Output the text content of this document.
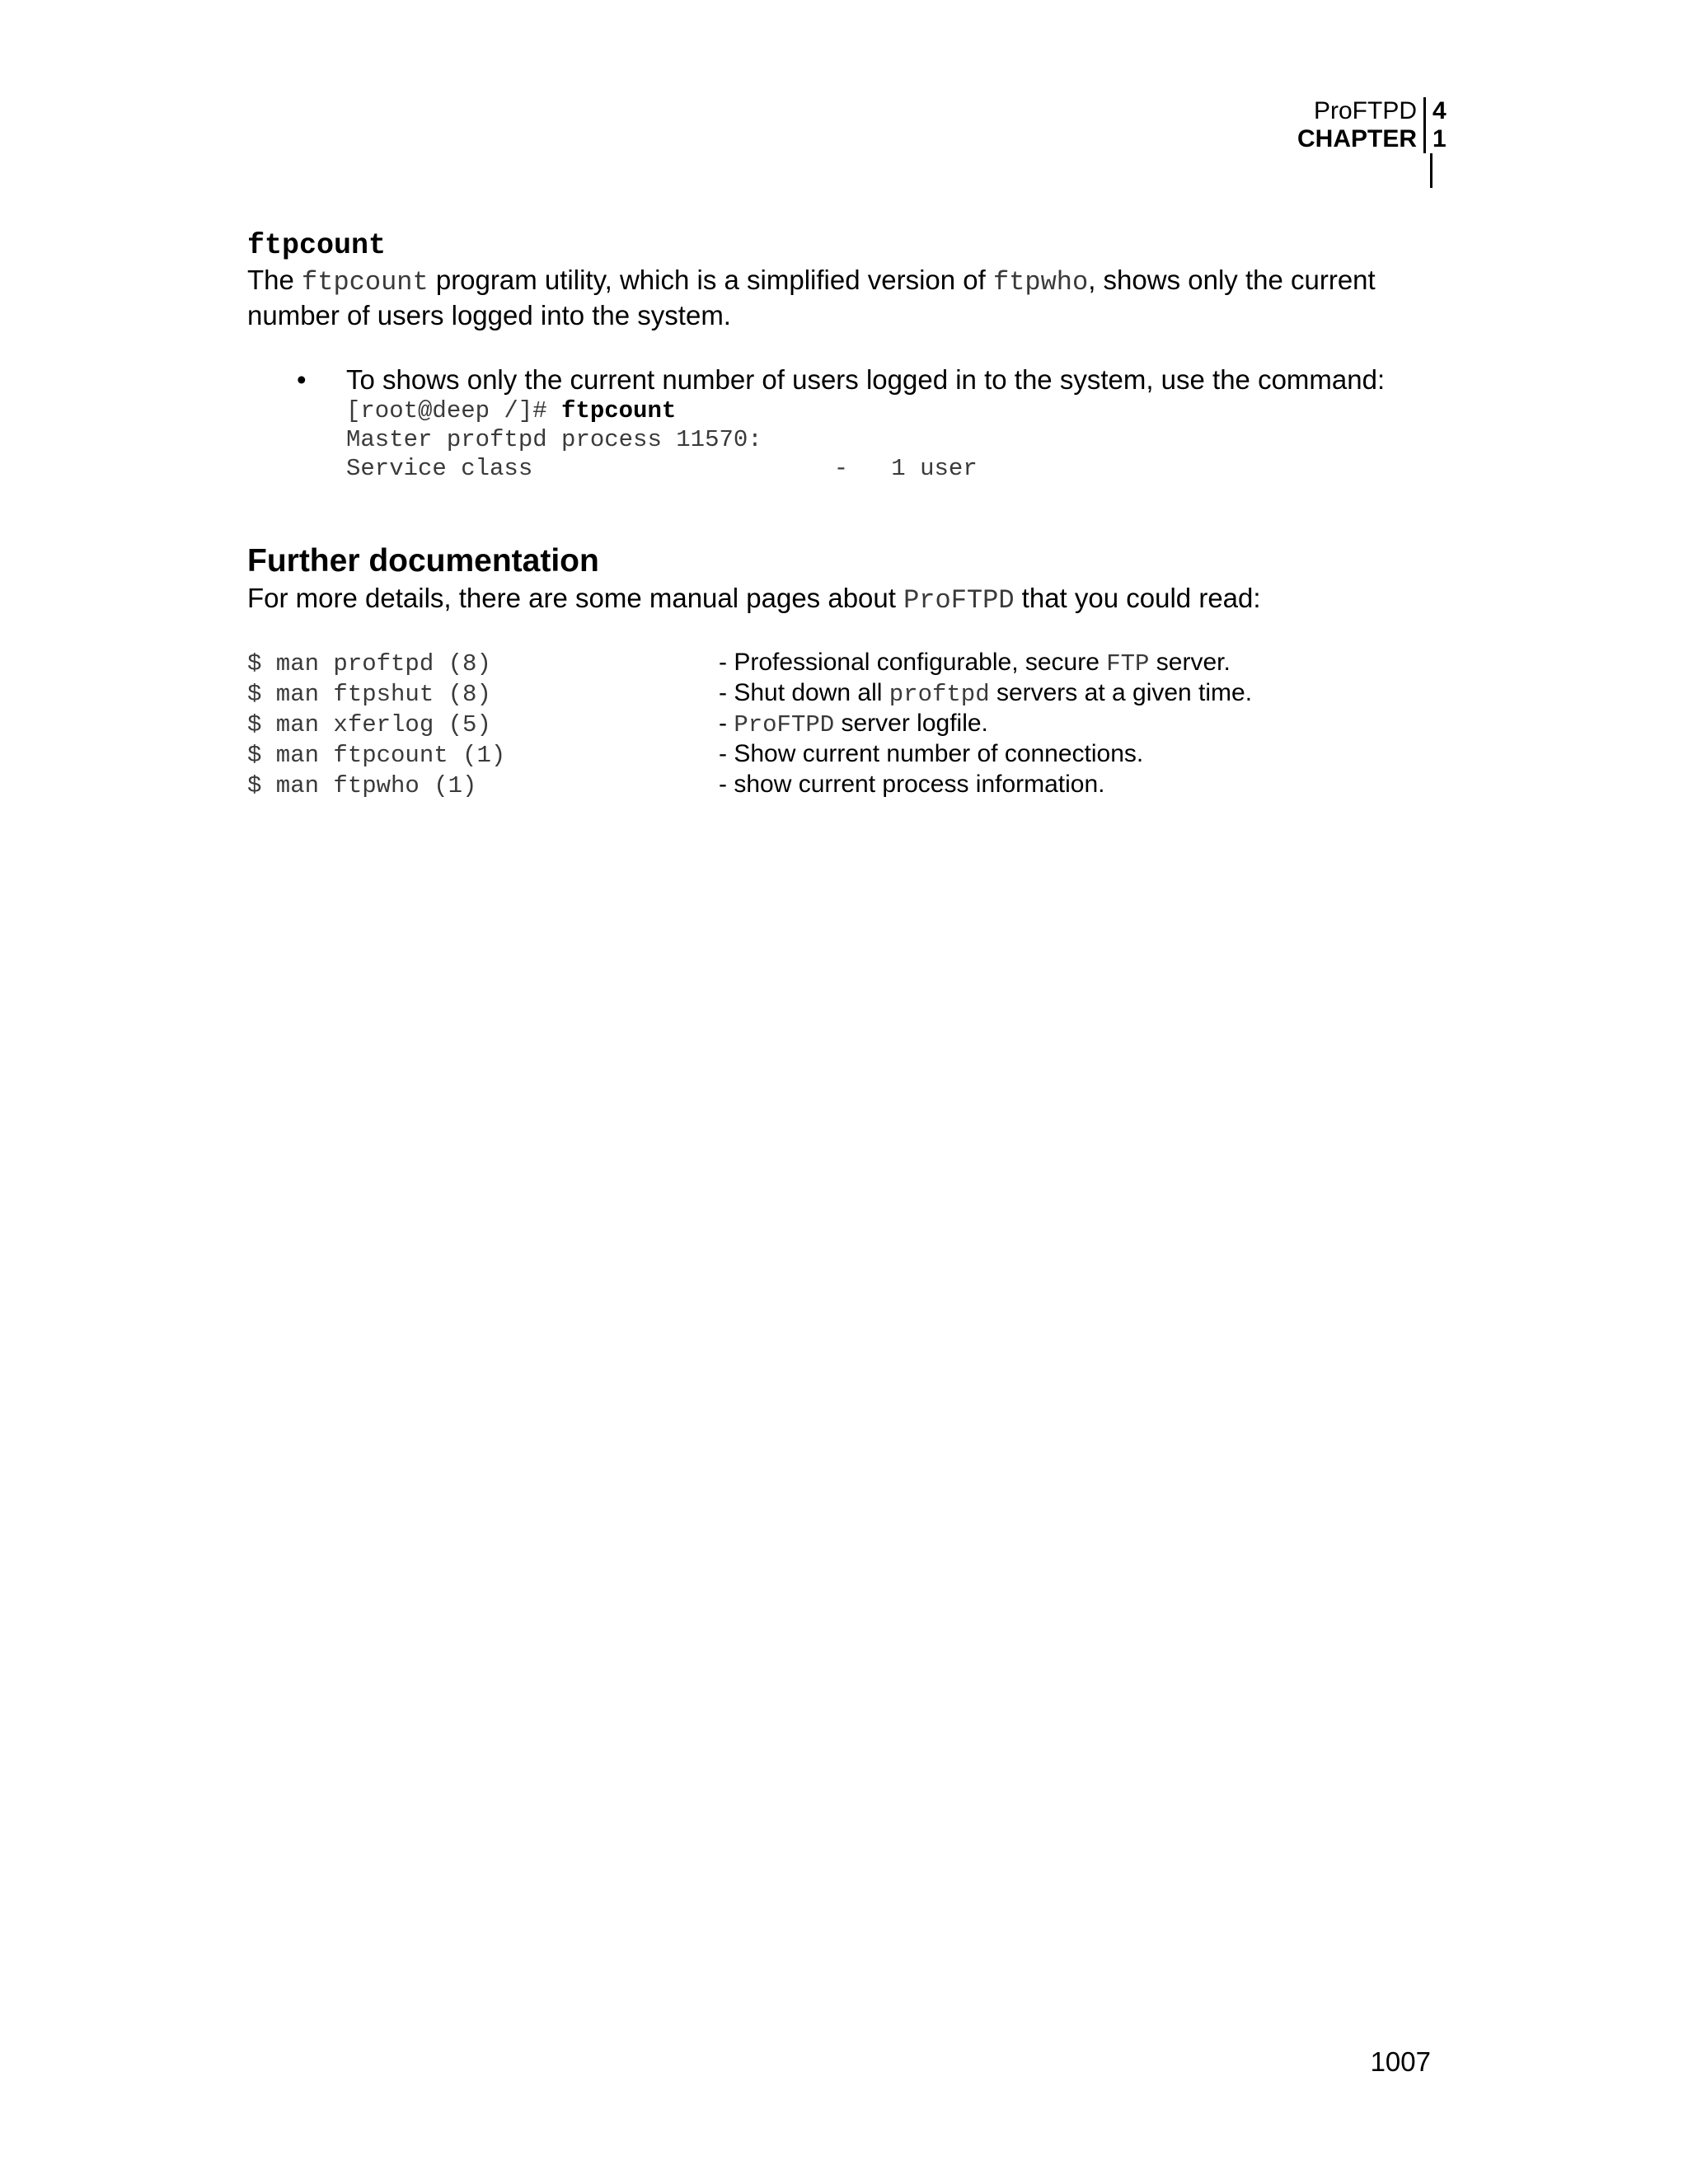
ProFTPD 4
CHAPTER 1
ftpcount

The ftpcount program utility, which is a simplified version of ftpwho, shows only the current number of users logged into the system.

• To shows only the current number of users logged in to the system, use the command:
[root@deep /]# ftpcount
Master proftpd process 11570:
Service class                     -   1 user
Further documentation

For more details, there are some manual pages about ProFTPD that you could read:

$ man proftpd (8)	- Professional configurable, secure FTP server.
$ man ftpshut (8)	- Shut down all proftpd servers at a given time.
$ man xferlog (5)	- ProFTPD server logfile.
$ man ftpcount (1)	- Show current number of connections.
$ man ftpwho (1)	- show current process information.
1007
